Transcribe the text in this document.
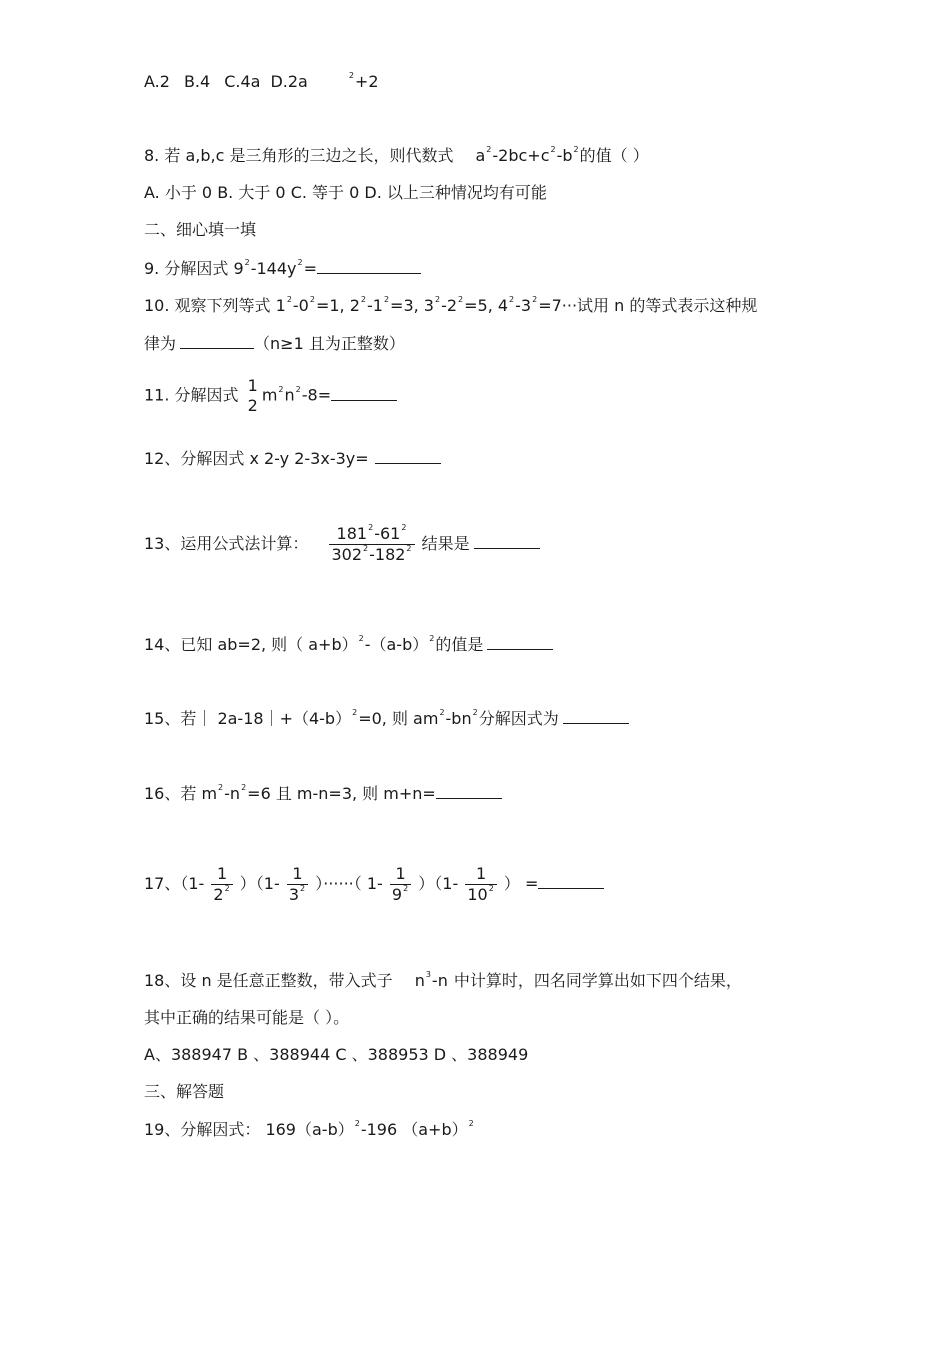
A.2 B.4 C.4a D.2a	$^2$+2
8. 若 a,b,c 是三角形的三边之长，则代数式 $a^2-2bc+c^2-b^2$的值（ ）
A. 小于 0 B. 大于 0 C. 等于 0 D. 以上三种情况均有可能
二、细心填一填
9. 分解因式 $9^2-144y^2=$
10. 观察下列等式 $1^2-0^2=1$, $2^2-1^2=3$, $3^2-2^2=5$, $4^2-3^2=7\cdot\cdot\cdot$试用 n 的等式表示这种规
律为	（n≥1 且为正整数）
11. 分解因式 1
2
$m^2n^2-8=$
12、分解因式 x 2-y 2-3x-3y=
13、运用公式法计算： $\frac{181^2-61^2}{302^2-182^2}$ 结果是
14、已知 ab=2, 则（ $a+b)^2-(a-b)^2$的值是
15、若｜ $2a-18|+(4-b)^2=0$, 则 $am^2-bn^2$分解因式为
16、若 $m^2-n^2=6$ 且 m-n=3, 则 m+n=
17、$(1- \frac{1}{2^2} )(1- \frac{1}{3^2}$ ）······（ $1- \frac{1}{9^2} )(1- \frac{1}{10^2}$ ） =
18、设 n 是任意正整数，带入式子 $n^3-n$ 中计算时，四名同学算出如下四个结果，
其中正确的结果可能是（ ）。
A、388947 B 、388944 C 、388953 D 、388949
三、解答题
19、分解因式： $169(a-b)^2-196$ $(a+b)^2$
